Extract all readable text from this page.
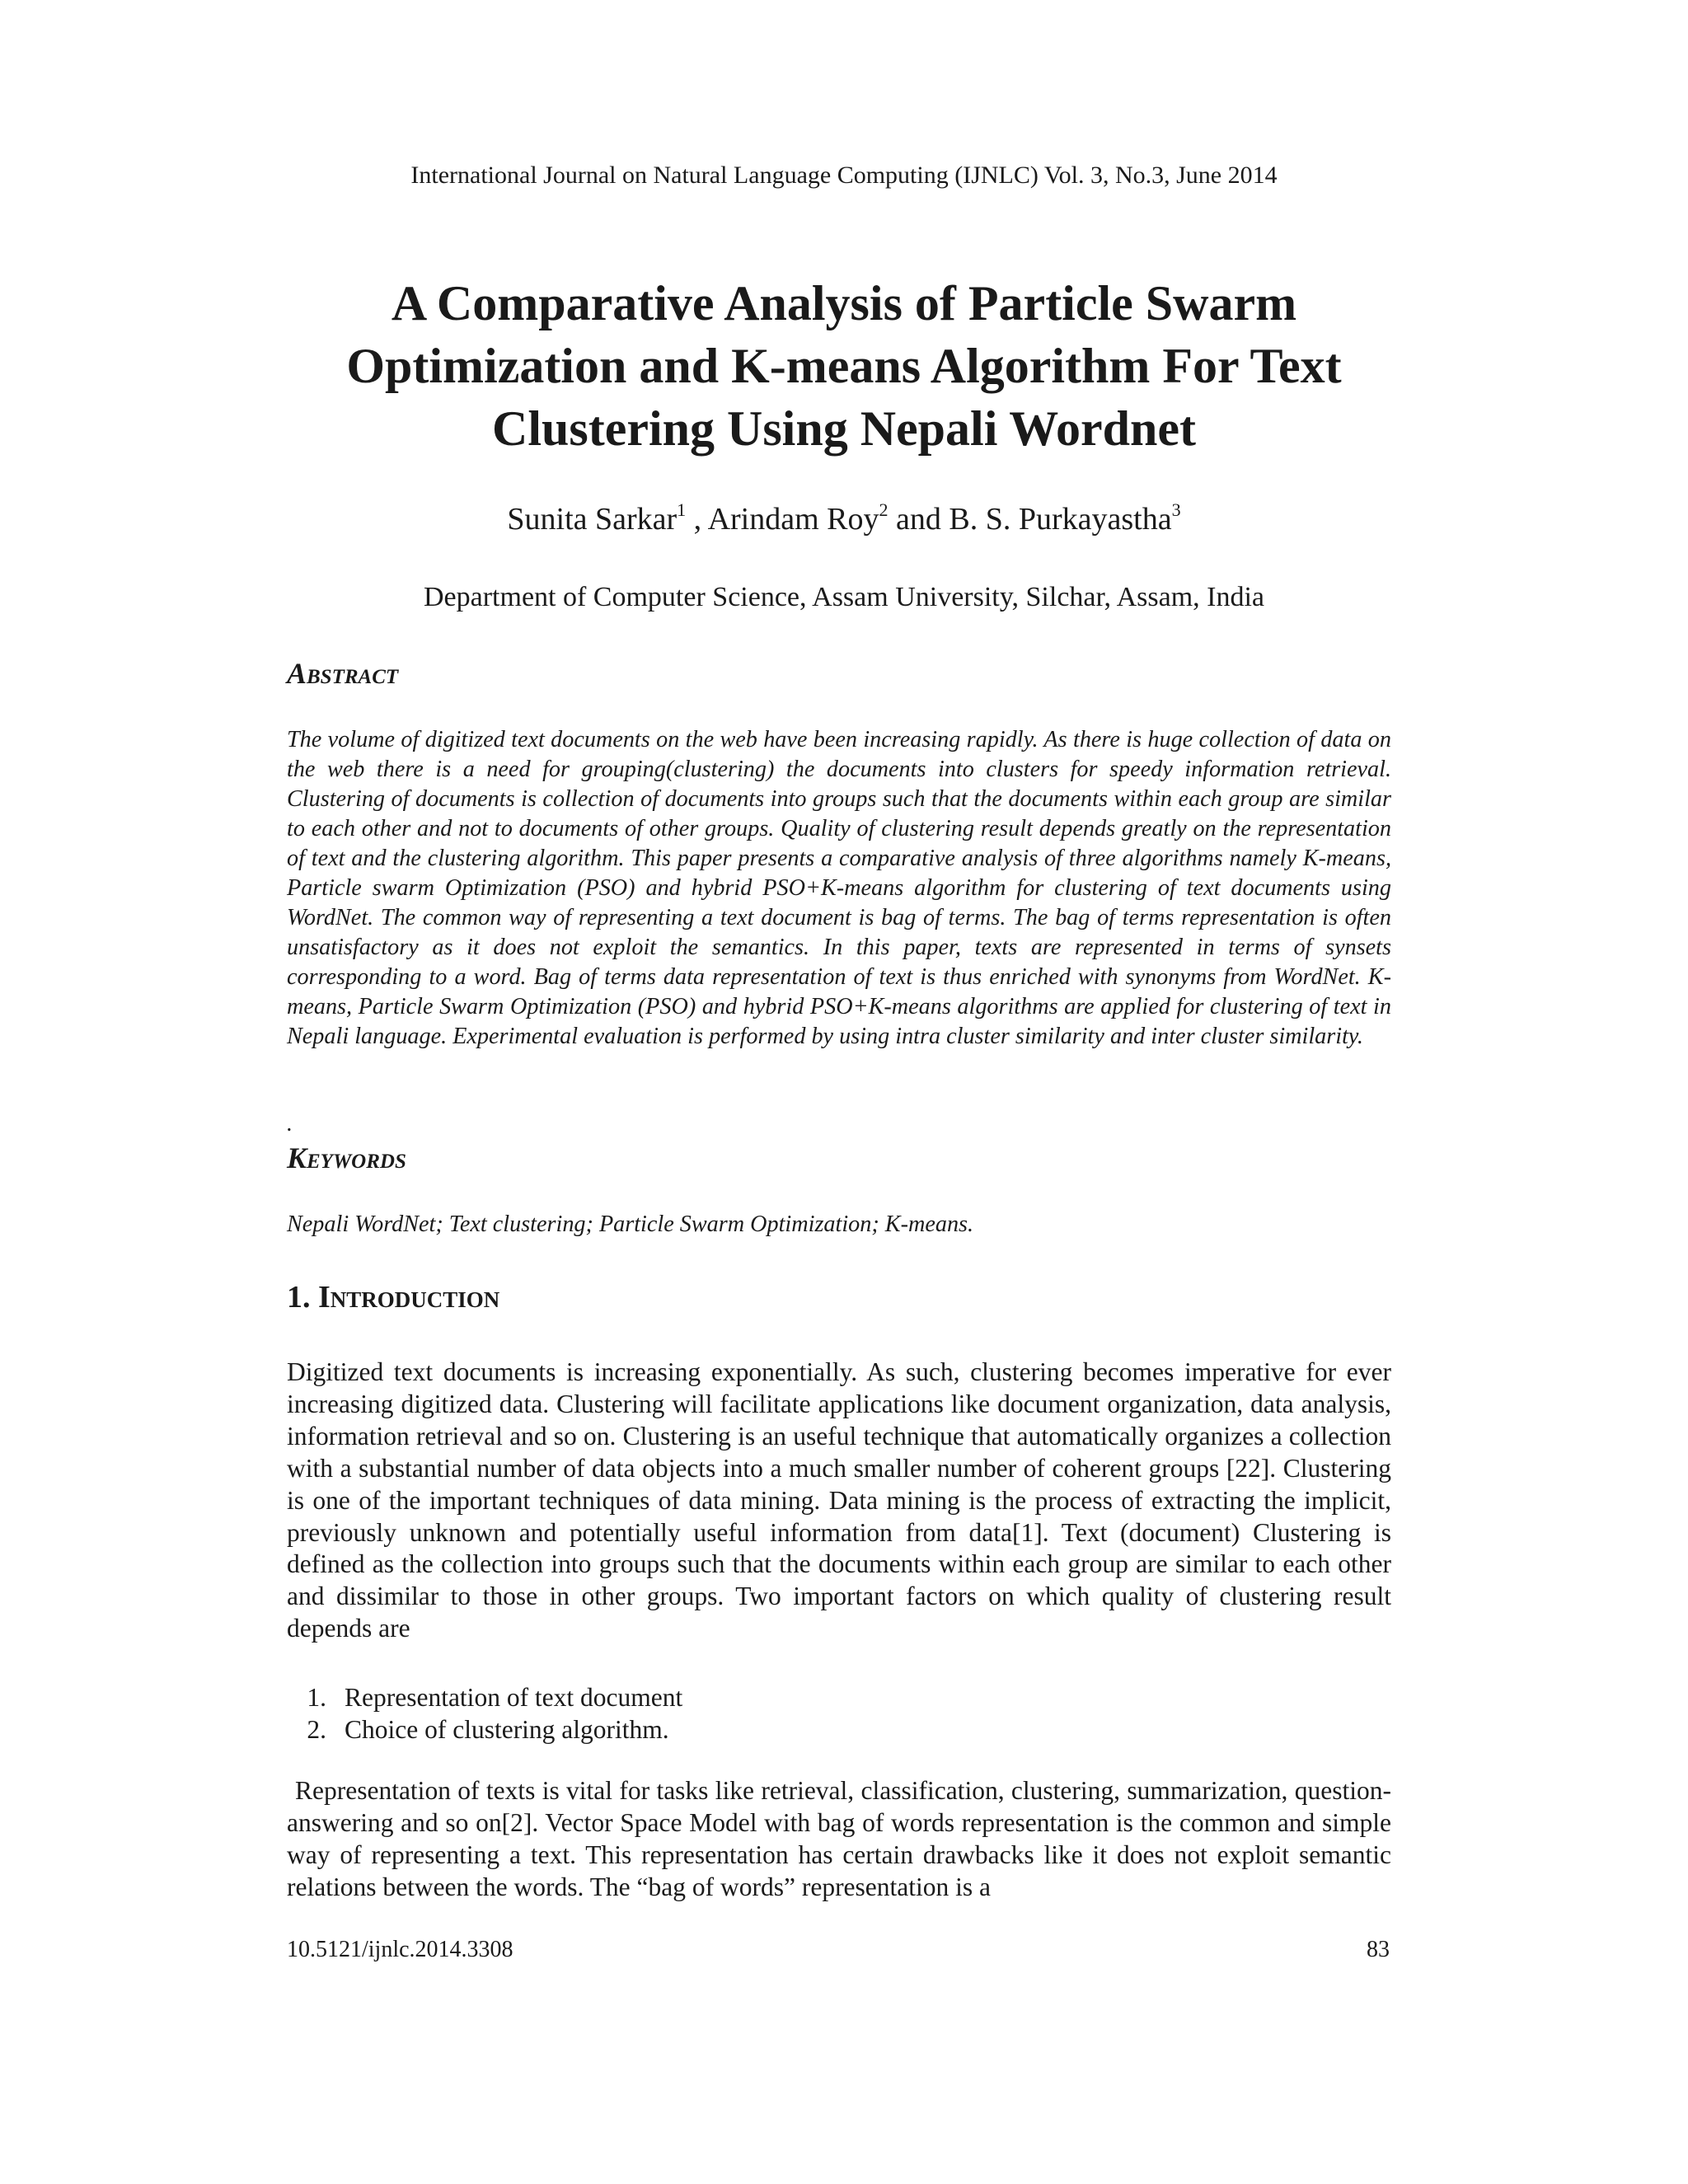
International Journal on Natural Language Computing (IJNLC) Vol. 3, No.3, June 2014
A Comparative Analysis of Particle Swarm
Optimization and K-means Algorithm For Text
Clustering Using Nepali Wordnet
Sunita Sarkar$^1$ , Arindam Roy$^2$ and B. S. Purkayastha$^3$
Department of Computer Science, Assam University, Silchar, Assam, India
Abstract

The volume of digitized text documents on the web have been increasing rapidly. As there is huge collection of data on the web there is a need for grouping(clustering) the documents into clusters for speedy information retrieval. Clustering of documents is collection of documents into groups such that the documents within each group are similar to each other and not to documents of other groups. Quality of clustering result depends greatly on the representation of text and the clustering algorithm. This paper presents a comparative analysis of three algorithms namely K-means, Particle swarm Optimization (PSO) and hybrid PSO+K-means algorithm for clustering of text documents using WordNet. The common way of representing a text document is bag of terms. The bag of terms representation is often unsatisfactory as it does not exploit the semantics. In this paper, texts are represented in terms of synsets corresponding to a word. Bag of terms data representation of text is thus enriched with synonyms from WordNet. K-means, Particle Swarm Optimization (PSO) and hybrid PSO+K-means algorithms are applied for clustering of text in Nepali language. Experimental evaluation is performed by using intra cluster similarity and inter cluster similarity.

.
Keywords
Nepali WordNet; Text clustering; Particle Swarm Optimization; K-means.
1. Introduction

Digitized text documents is increasing exponentially. As such, clustering becomes imperative for ever increasing digitized data. Clustering will facilitate applications like document organization, data analysis, information retrieval and so on. Clustering is an useful technique that automatically organizes a collection with a substantial number of data objects into a much smaller number of coherent groups [22]. Clustering is one of the important techniques of data mining. Data mining is the process of extracting the implicit, previously unknown and potentially useful information from data[1]. Text (document) Clustering is defined as the collection into groups such that the documents within each group are similar to each other and dissimilar to those in other groups. Two important factors on which quality of clustering result depends are

1. Representation of text document
2. Choice of clustering algorithm.

Representation of texts is vital for tasks like retrieval, classification, clustering, summarization, question-answering and so on[2]. Vector Space Model with bag of words representation is the common and simple way of representing a text. This representation has certain drawbacks like it does not exploit semantic relations between the words. The “bag of words” representation is a

10.5121/ijnlc.2014.3308	83
